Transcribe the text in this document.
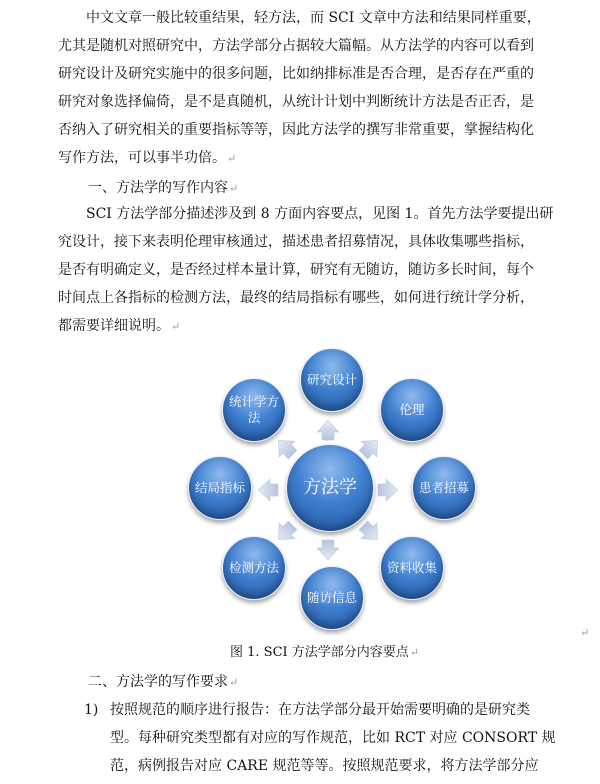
中文文章一般比较重结果，轻方法，而 SCI 文章中方法和结果同样重要，
尤其是随机对照研究中，方法学部分占据较大篇幅。从方法学的内容可以看到
研究设计及研究实施中的很多问题，比如纳排标准是否合理，是否存在严重的
研究对象选择偏倚，是不是真随机，从统计计划中判断统计方法是否正否，是
否纳入了研究相关的重要指标等等，因此方法学的撰写非常重要，掌握结构化
写作方法，可以事半功倍。↵

一、方法学的写作内容↵

SCI 方法学部分描述涉及到 8 方面内容要点，见图 1。首先方法学要提出研
究设计，接下来表明伦理审核通过，描述患者招募情况，具体收集哪些指标，
是否有明确定义，是否经过样本量计算，研究有无随访，随访多长时间，每个
时间点上各指标的检测方法，最终的结局指标有哪些，如何进行统计学分析，
都需要详细说明。↵

方法学
研究设计
伦理
患者招募
资料收集
随访信息
检测方法
结局指标
统计学方法

图 1. SCI 方法学部分内容要点↵

↵

二、方法学的写作要求↵

1) 按照规范的顺序进行报告：在方法学部分最开始需要明确的是研究类
型。每种研究类型都有对应的写作规范，比如 RCT 对应 CONSORT 规
范，病例报告对应 CARE 规范等等。按照规范要求，将方法学部分应
